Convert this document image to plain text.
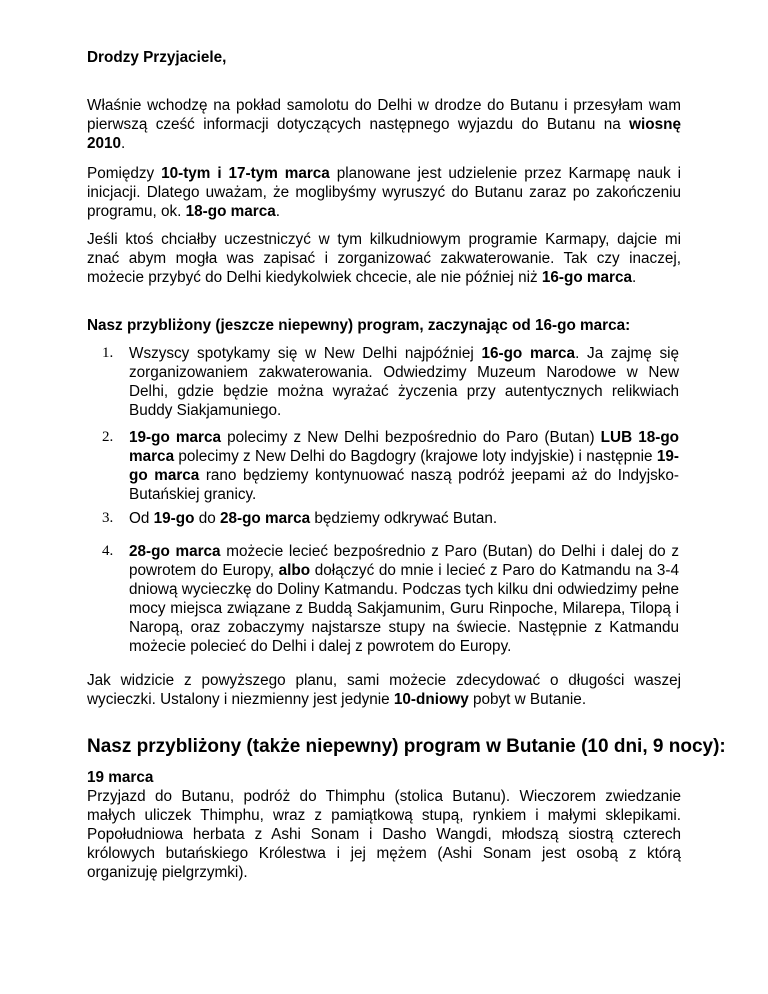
Drodzy Przyjaciele,

Właśnie wchodzę na pokład samolotu do Delhi w drodze do Butanu i przesyłam wam pierwszą cześć informacji dotyczących następnego wyjazdu do Butanu na wiosnę 2010.

Pomiędzy 10-tym i 17-tym marca planowane jest udzielenie przez Karmapę nauk i inicjacji. Dlatego uważam, że moglibyśmy wyruszyć do Butanu zaraz po zakończeniu programu, ok. 18-go marca.

Jeśli ktoś chciałby uczestniczyć w tym kilkudniowym programie Karmapy, dajcie mi znać abym mogła was zapisać i zorganizować zakwaterowanie. Tak czy inaczej, możecie przybyć do Delhi kiedykolwiek chcecie, ale nie później niż 16-go marca.

Nasz przybliżony (jeszcze niepewny) program, zaczynając od 16-go marca:

1. Wszyscy spotykamy się w New Delhi najpóźniej 16-go marca. Ja zajmę się zorganizowaniem zakwaterowania. Odwiedzimy Muzeum Narodowe w New Delhi, gdzie będzie można wyrażać życzenia przy autentycznych relikwiach Buddy Siakjamuniego.
2. 19-go marca polecimy z New Delhi bezpośrednio do Paro (Butan) LUB 18-go marca polecimy z New Delhi do Bagdogry (krajowe loty indyjskie) i następnie 19-go marca rano będziemy kontynuować naszą podróż jeepami aż do Indyjsko-Butańskiej granicy.
3. Od 19-go do 28-go marca będziemy odkrywać Butan.
4. 28-go marca możecie lecieć bezpośrednio z Paro (Butan) do Delhi i dalej do z powrotem do Europy, albo dołączyć do mnie i lecieć z Paro do Katmandu na 3-4 dniową wycieczkę do Doliny Katmandu. Podczas tych kilku dni odwiedzimy pełne mocy miejsca związane z Buddą Sakjamunim, Guru Rinpoche, Milarepa, Tilopą i Naropą, oraz zobaczymy najstarsze stupy na świecie. Następnie z Katmandu możecie polecieć do Delhi i dalej z powrotem do Europy.

Jak widzicie z powyższego planu, sami możecie zdecydować o długości waszej wycieczki. Ustalony i niezmienny jest jedynie 10-dniowy pobyt w Butanie.

Nasz przybliżony (także niepewny) program w Butanie (10 dni, 9 nocy):

19 marca

Przyjazd do Butanu, podróż do Thimphu (stolica Butanu). Wieczorem zwiedzanie małych uliczek Thimphu, wraz z pamiątkową stupą, rynkiem i małymi sklepikami. Popołudniowa herbata z Ashi Sonam i Dasho Wangdi, młodszą siostrą czterech królowych butańskiego Królestwa i jej mężem (Ashi Sonam jest osobą z którą organizuję pielgrzymki).
